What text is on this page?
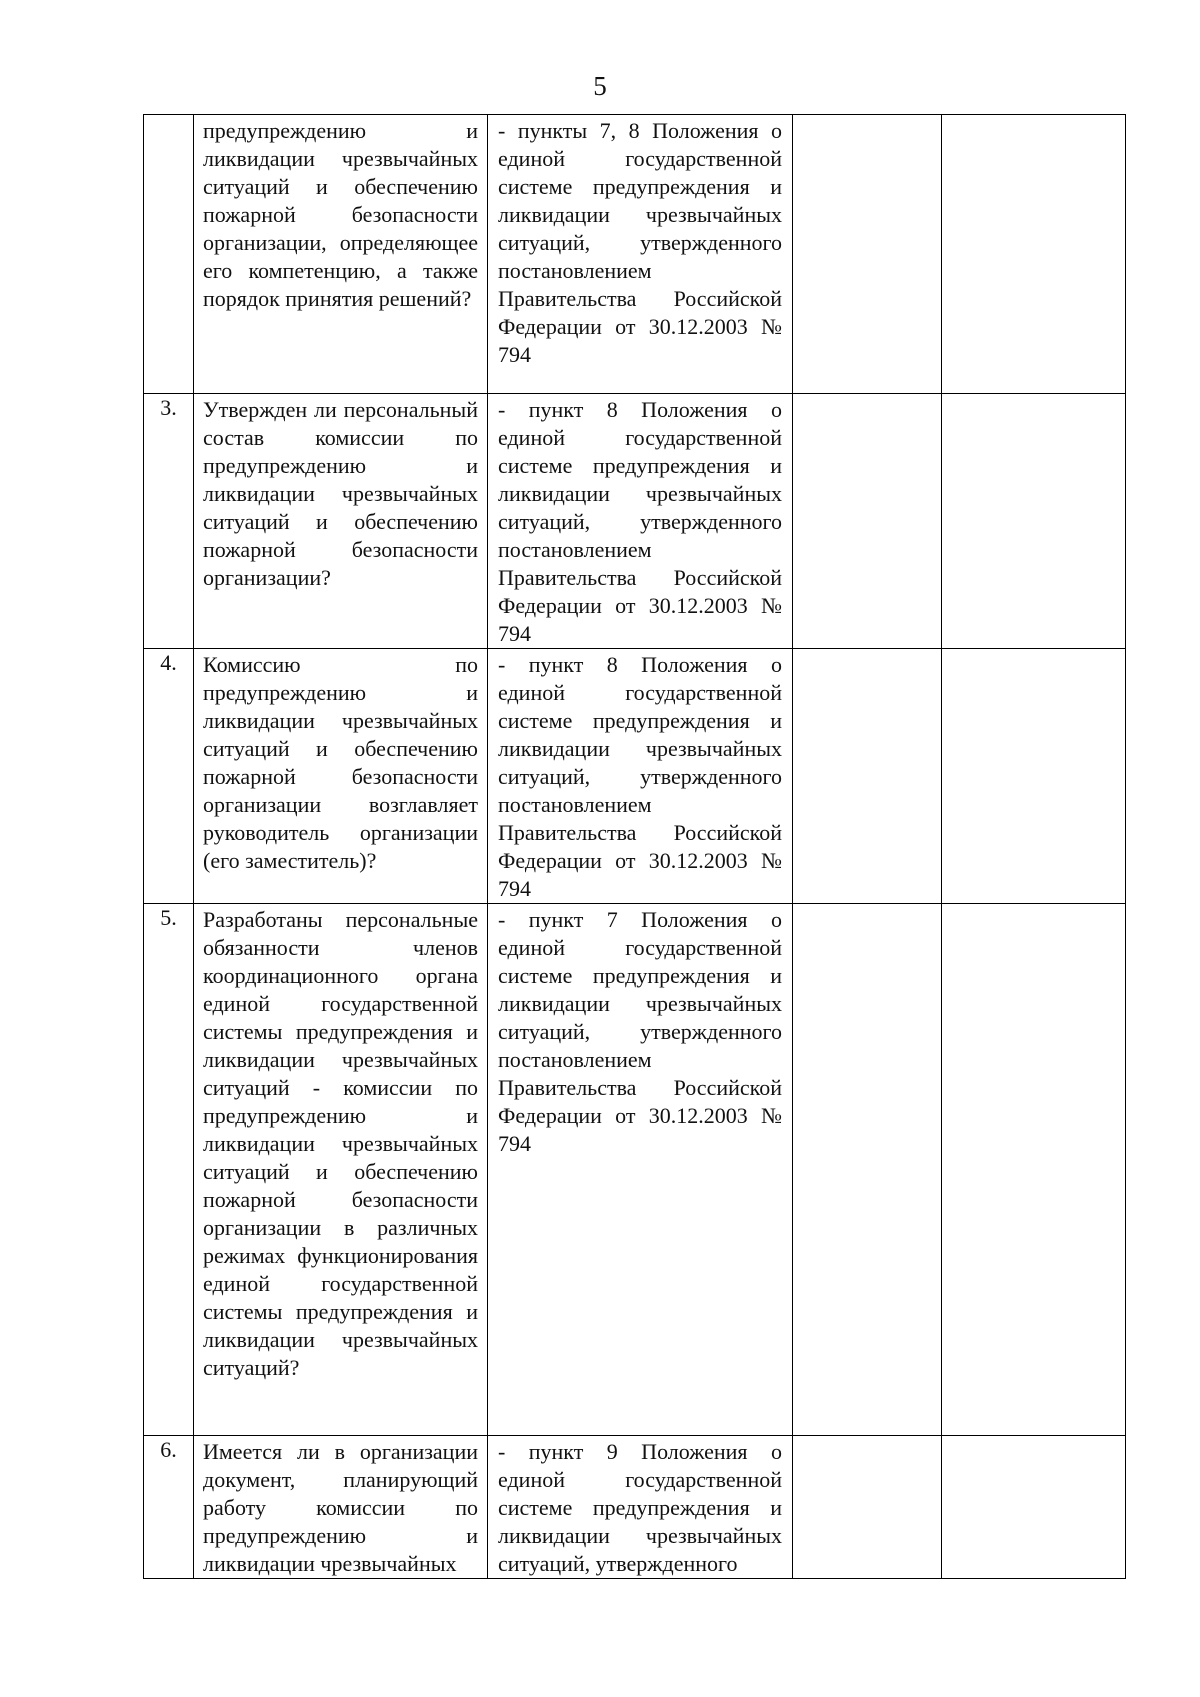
5

	предупреждению и ликвидации чрезвычайных ситуаций и обеспечению пожарной безопасности организации, определяющее его компетенцию, а также порядок принятия решений?	- пункты 7, 8 Положения о единой государственной системе предупреждения и ликвидации чрезвычайных ситуаций, утвержденного постановлением Правительства Российской Федерации от 30.12.2003 № 794		

3.	Утвержден ли персональный состав комиссии по предупреждению и ликвидации чрезвычайных ситуаций и обеспечению пожарной безопасности организации?	- пункт 8 Положения о единой государственной системе предупреждения и ликвидации чрезвычайных ситуаций, утвержденного постановлением Правительства Российской Федерации от 30.12.2003 № 794		

4.	Комиссию по предупреждению и ликвидации чрезвычайных ситуаций и обеспечению пожарной безопасности организации возглавляет руководитель организации (его заместитель)?	- пункт 8 Положения о единой государственной системе предупреждения и ликвидации чрезвычайных ситуаций, утвержденного постановлением Правительства Российской Федерации от 30.12.2003 № 794		

5.	Разработаны персональные обязанности членов координационного органа единой государственной системы предупреждения и ликвидации чрезвычайных ситуаций - комиссии по предупреждению и ликвидации чрезвычайных ситуаций и обеспечению пожарной безопасности организации в различных режимах функционирования единой государственной системы предупреждения и ликвидации чрезвычайных ситуаций?	- пункт 7 Положения о единой государственной системе предупреждения и ликвидации чрезвычайных ситуаций, утвержденного постановлением Правительства Российской Федерации от 30.12.2003 № 794		

6.	Имеется ли в организации документ, планирующий работу комиссии по предупреждению и ликвидации чрезвычайных	- пункт 9 Положения о единой государственной системе предупреждения и ликвидации чрезвычайных ситуаций, утвержденного		
